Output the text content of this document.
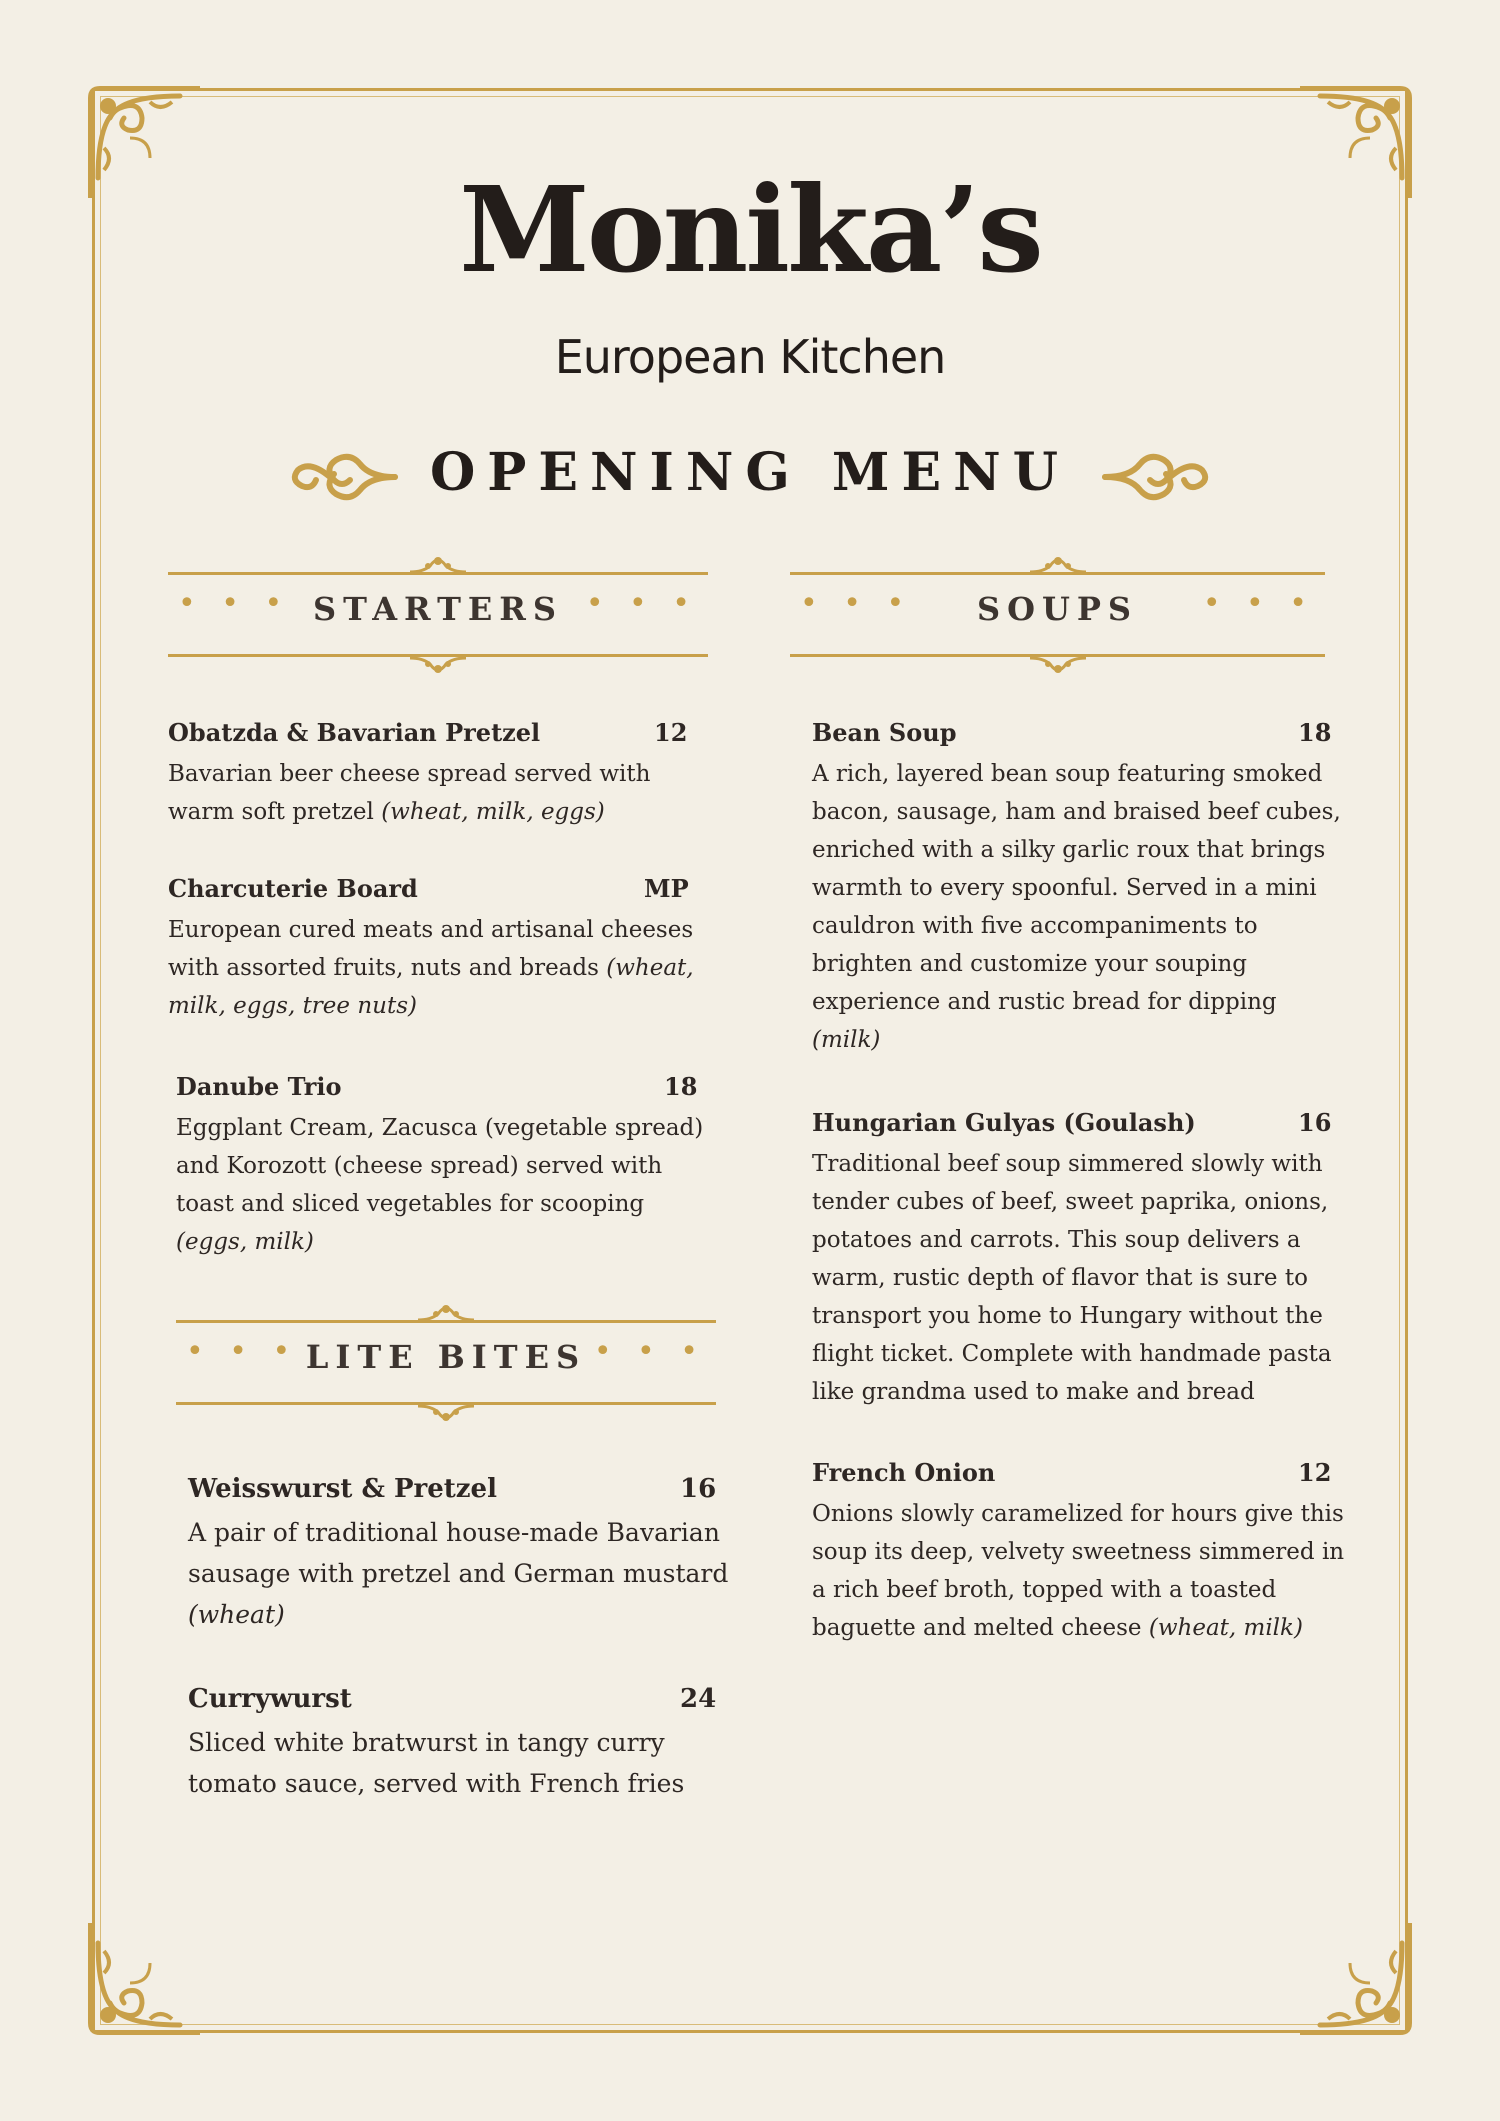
Monika’s
European Kitchen
OPENING MENU
• • • STARTERS • • •	• • •	SOUPS	• • •
• • • LITE BITES • • •
Obatzda & Bavarian Pretzel	12
Bavarian beer cheese spread served with warm soft pretzel (wheat, milk, eggs)
Charcuterie Board	MP
European cured meats and artisanal cheeses with assorted fruits, nuts and breads (wheat, milk, eggs, tree nuts)
Danube Trio	18
Eggplant Cream, Zacusca (vegetable spread) and Korozott (cheese spread) served with toast and sliced vegetables for scooping (eggs, milk)
Weisswurst & Pretzel	16
A pair of traditional house-made Bavarian sausage with pretzel and German mustard (wheat)
Currywurst	24
Sliced white bratwurst in tangy curry tomato sauce, served with French fries
Bean Soup	18
A rich, layered bean soup featuring smoked bacon, sausage, ham and braised beef cubes, enriched with a silky garlic roux that brings warmth to every spoonful. Served in a mini cauldron with five accompaniments to brighten and customize your souping experience and rustic bread for dipping
(milk)
Hungarian Gulyas (Goulash)	16
Traditional beef soup simmered slowly with tender cubes of beef, sweet paprika, onions, potatoes and carrots. This soup delivers a warm, rustic depth of flavor that is sure to transport you home to Hungary without the flight ticket. Complete with handmade pasta like grandma used to make and bread
French Onion	12
Onions slowly caramelized for hours give this soup its deep, velvety sweetness simmered in a rich beef broth, topped with a toasted baguette and melted cheese (wheat, milk)
